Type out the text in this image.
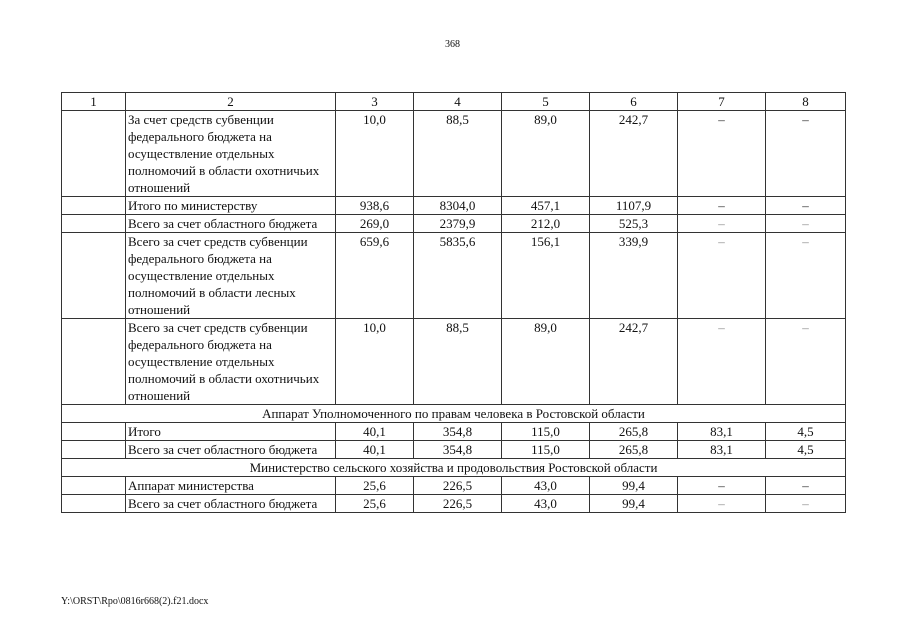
368
1	2	3	4	5	6	7	8
	За счет средств субвенции федерального бюджета на осуществление отдельных полномочий в области охотничьих отношений	10,0	88,5	89,0	242,7	–	–
	Итого по министерству	938,6	8304,0	457,1	1107,9	–	–
	Всего за счет областного бюджета	269,0	2379,9	212,0	525,3	–	–
	Всего за счет средств субвенции федерального бюджета на осуществление отдельных полномочий в области лесных отношений	659,6	5835,6	156,1	339,9	–	–
	Всего за счет средств субвенции федерального бюджета на осуществление отдельных полномочий в области охотничьих отношений	10,0	88,5	89,0	242,7	–	–
Аппарат Уполномоченного по правам человека в Ростовской области							
	Итого	40,1	354,8	115,0	265,8	83,1	4,5
	Всего за счет областного бюджета	40,1	354,8	115,0	265,8	83,1	4,5
Министерство сельского хозяйства и продовольствия Ростовской области							
	Аппарат министерства	25,6	226,5	43,0	99,4	–	–
	Всего за счет областного бюджета	25,6	226,5	43,0	99,4	–	–
Y:\ORST\Rpo\0816r668(2).f21.docx
